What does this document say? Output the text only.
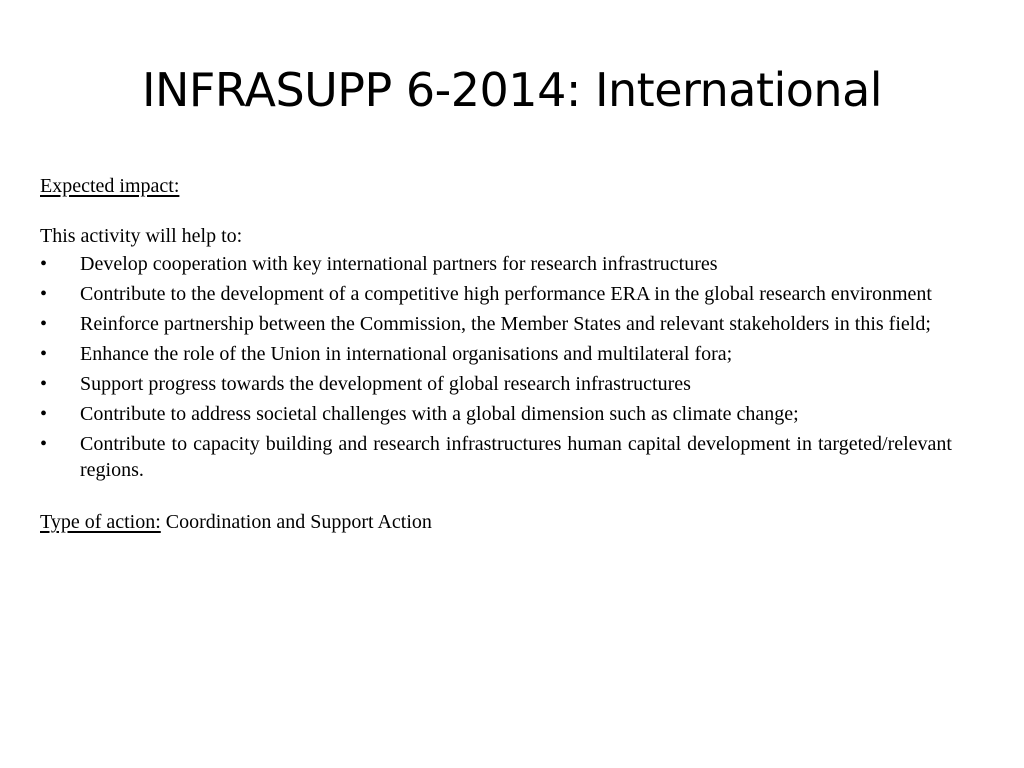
INFRASUPP 6-2014: International

Expected impact:

This activity will help to:

• Develop cooperation with key international partners for research infrastructures
• Contribute to the development of a competitive high performance ERA in the global research environment
• Reinforce partnership between the Commission, the Member States and relevant stakeholders in this field;
• Enhance the role of the Union in international organisations and multilateral fora;
• Support progress towards the development of global research infrastructures
• Contribute to address societal challenges with a global dimension such as climate change;
• Contribute to capacity building and research infrastructures human capital development in targeted/relevant regions.

Type of action: Coordination and Support Action
